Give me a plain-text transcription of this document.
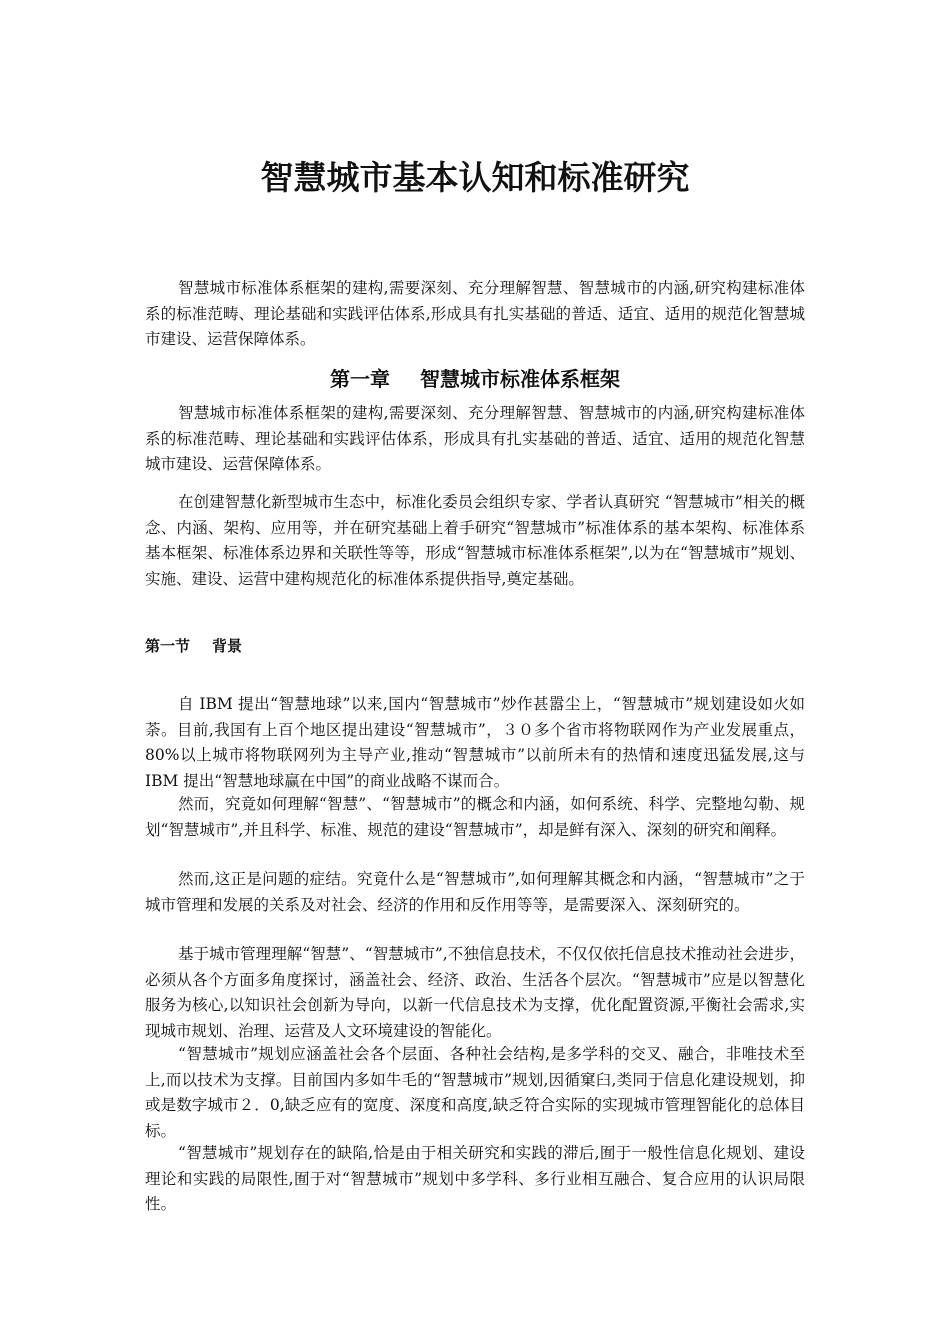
智慧城市基本认知和标准研究

智慧城市标准体系框架的建构,需要深刻、充分理解智慧、智慧城市的内涵,研究构建标准体系的标准范畴、理论基础和实践评估体系,形成具有扎实基础的普适、适宜、适用的规范化智慧城市建设、运营保障体系。

第一章 智慧城市标准体系框架

智慧城市标准体系框架的建构,需要深刻、充分理解智慧、智慧城市的内涵,研究构建标准体系的标准范畴、理论基础和实践评估体系，形成具有扎实基础的普适、适宜、适用的规范化智慧城市建设、运营保障体系。

在创建智慧化新型城市生态中，标准化委员会组织专家、学者认真研究 “智慧城市”相关的概念、内涵、架构、应用等，并在研究基础上着手研究“智慧城市”标准体系的基本架构、标准体系基本框架、标准体系边界和关联性等等，形成“智慧城市标准体系框架”,以为在“智慧城市”规划、实施、建设、运营中建构规范化的标准体系提供指导,奠定基础。

第一节 背景

自 IBM 提出“智慧地球”以来,国内“智慧城市”炒作甚嚣尘上，“智慧城市”规划建设如火如荼。目前,我国有上百个地区提出建设“智慧城市”，３０多个省市将物联网作为产业发展重点，80%以上城市将物联网列为主导产业,推动“智慧城市”以前所未有的热情和速度迅猛发展,这与 IBM 提出“智慧地球赢在中国”的商业战略不谋而合。

然而，究竟如何理解“智慧”、“智慧城市”的概念和内涵，如何系统、科学、完整地勾勒、规划“智慧城市”,并且科学、标准、规范的建设“智慧城市”，却是鲜有深入、深刻的研究和阐释。

然而,这正是问题的症结。究竟什么是“智慧城市”,如何理解其概念和内涵，“智慧城市”之于城市管理和发展的关系及对社会、经济的作用和反作用等等，是需要深入、深刻研究的。

基于城市管理理解“智慧”、“智慧城市”,不独信息技术，不仅仅依托信息技术推动社会进步，必须从各个方面多角度探讨，涵盖社会、经济、政治、生活各个层次。“智慧城市”应是以智慧化服务为核心,以知识社会创新为导向，以新一代信息技术为支撑，优化配置资源,平衡社会需求,实现城市规划、治理、运营及人文环境建设的智能化。

“智慧城市”规划应涵盖社会各个层面、各种社会结构,是多学科的交叉、融合，非唯技术至上,而以技术为支撑。目前国内多如牛毛的“智慧城市”规划,因循窠臼,类同于信息化建设规划，抑或是数字城市２．0,缺乏应有的宽度、深度和高度,缺乏符合实际的实现城市管理智能化的总体目标。

“智慧城市”规划存在的缺陷,恰是由于相关研究和实践的滞后,囿于一般性信息化规划、建设理论和实践的局限性,囿于对“智慧城市”规划中多学科、多行业相互融合、复合应用的认识局限性。
